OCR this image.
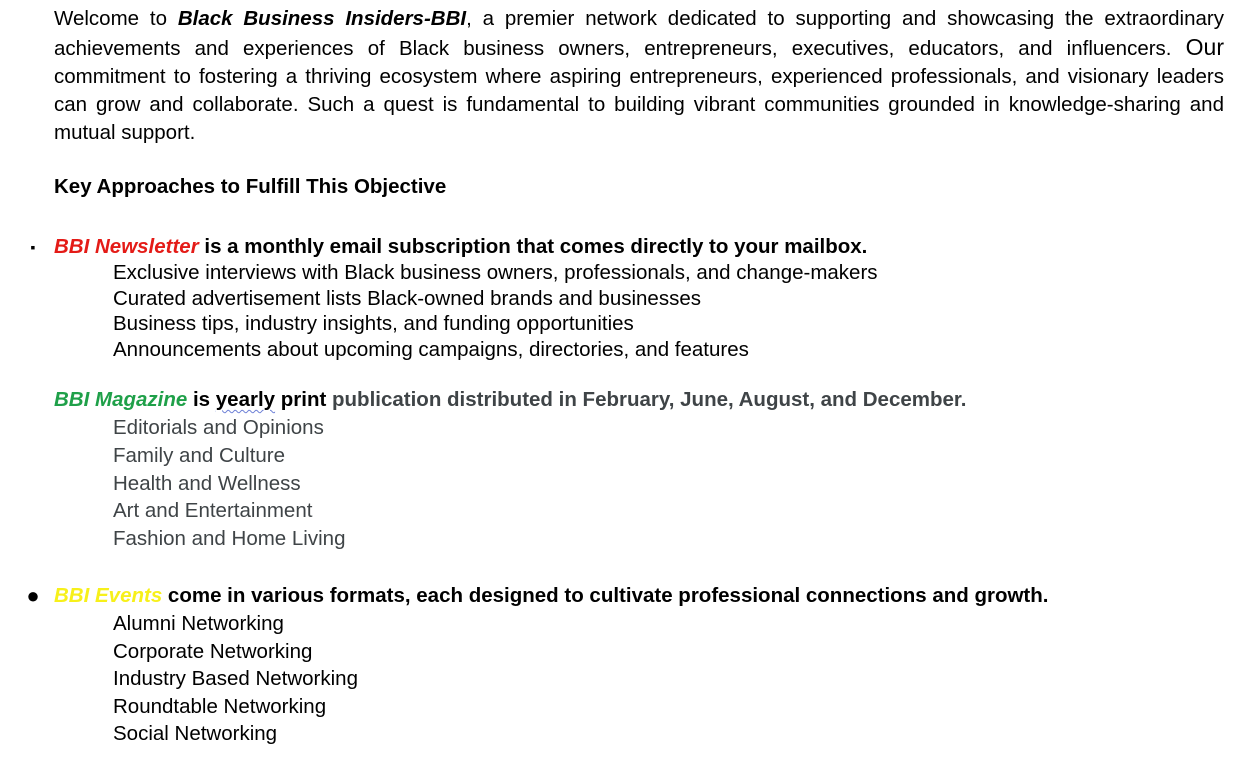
Welcome to Black Business Insiders-BBI, a premier network dedicated to supporting and showcasing the extraordinary achievements and experiences of Black business owners, entrepreneurs, executives, educators, and influencers. Our commitment to fostering a thriving ecosystem where aspiring entrepreneurs, experienced professionals, and visionary leaders can grow and collaborate. Such a quest is fundamental to building vibrant communities grounded in knowledge-sharing and mutual support.

Key Approaches to Fulfill This Objective

▪ BBI Newsletter is a monthly email subscription that comes directly to your mailbox.
Exclusive interviews with Black business owners, professionals, and change-makers
Curated advertisement lists Black-owned brands and businesses
Business tips, industry insights, and funding opportunities
Announcements about upcoming campaigns, directories, and features
BBI Magazine is yearly print publication distributed in February, June, August, and December.
Editorials and Opinions
Family and Culture
Health and Wellness
Art and Entertainment
Fashion and Home Living
● BBI Events come in various formats, each designed to cultivate professional connections and growth.
Alumni Networking
Corporate Networking
Industry Based Networking
Roundtable Networking
Social Networking
